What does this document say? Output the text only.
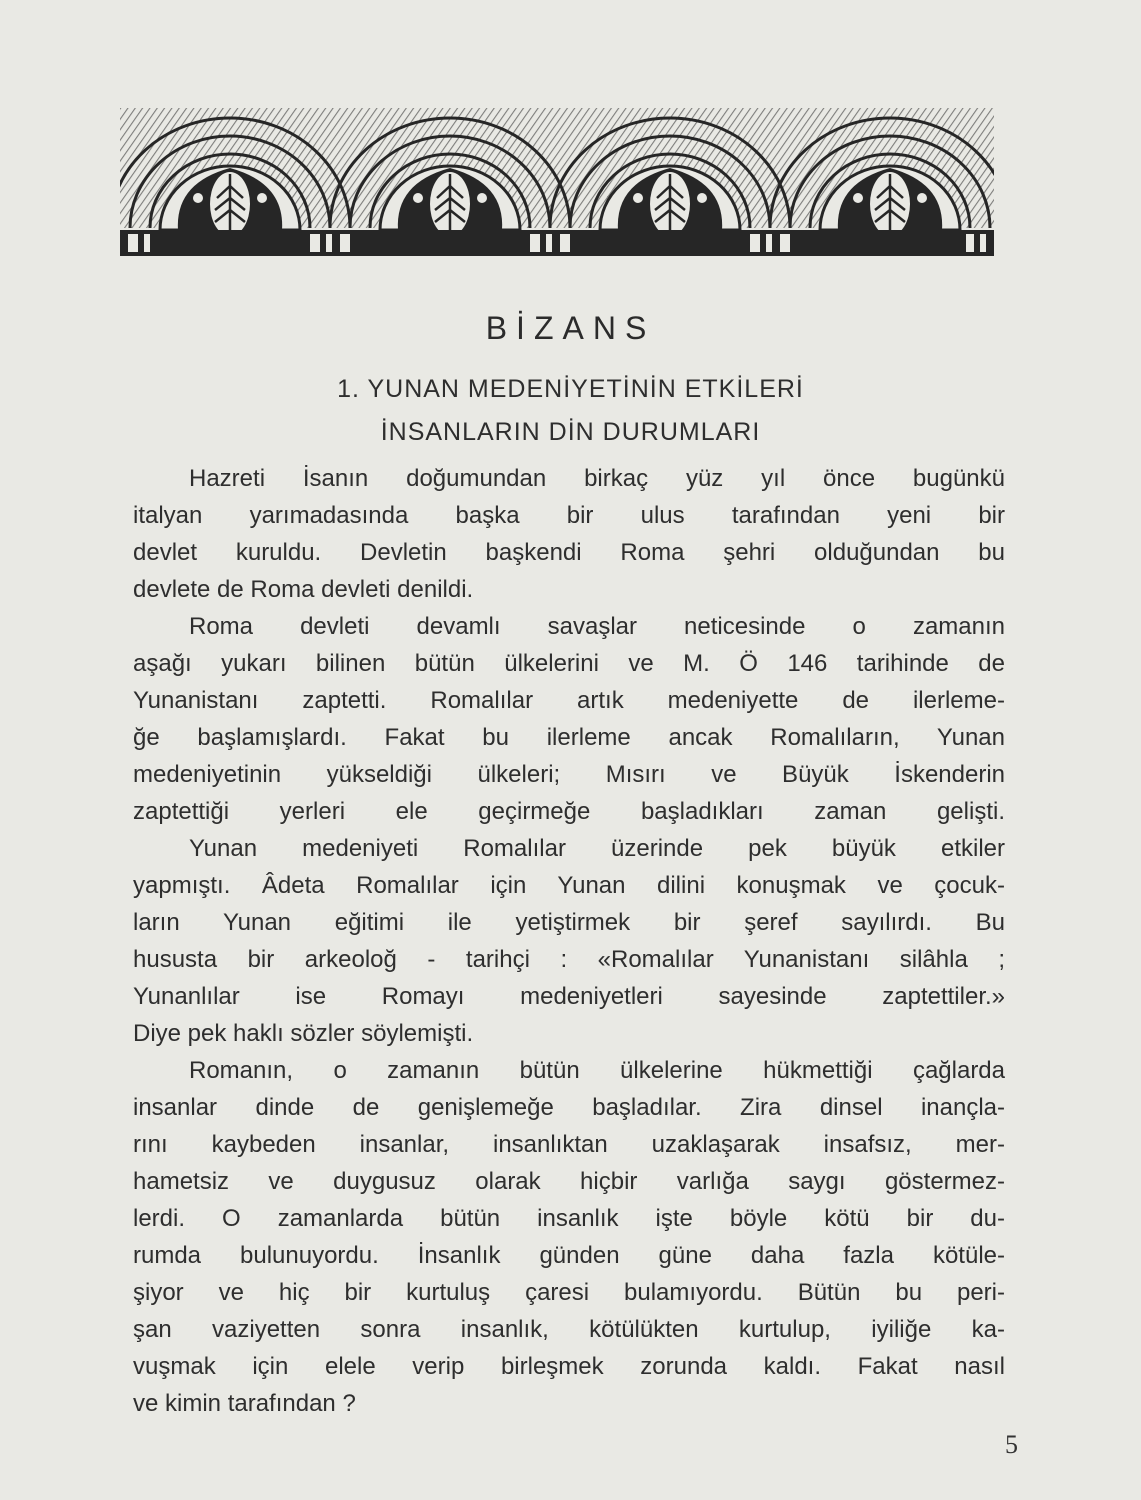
BİZANS
1. YUNAN MEDENİYETİNİN ETKİLERİ
İNSANLARIN DİN DURUMLARI

Hazreti İsanın doğumundan birkaç yüz yıl önce bugünkü

italyan yarımadasında başka bir ulus tarafından yeni bir

devlet kuruldu. Devletin başkendi Roma şehri olduğundan bu

devlete de Roma devleti denildi.

Roma devleti devamlı savaşlar neticesinde o zamanın

aşağı yukarı bilinen bütün ülkelerini ve M. Ö 146 tarihinde de

Yunanistanı zaptetti. Romalılar artık medeniyette de ilerleme-

ğe başlamışlardı. Fakat bu ilerleme ancak Romalıların, Yunan

medeniyetinin yükseldiği ülkeleri; Mısırı ve Büyük İskenderin

zaptettiği yerleri ele geçirmeğe başladıkları zaman gelişti.

Yunan medeniyeti Romalılar üzerinde pek büyük etkiler

yapmıştı. Âdeta Romalılar için Yunan dilini konuşmak ve çocuk-

ların Yunan eğitimi ile yetiştirmek bir şeref sayılırdı. Bu

hususta bir arkeoloğ - tarihçi : «Romalılar Yunanistanı silâhla ;

Yunanlılar ise Romayı medeniyetleri sayesinde zaptettiler.»

Diye pek haklı sözler söylemişti.

Romanın, o zamanın bütün ülkelerine hükmettiği çağlarda

insanlar dinde de genişlemeğe başladılar. Zira dinsel inançla-

rını kaybeden insanlar, insanlıktan uzaklaşarak insafsız, mer-

hametsiz ve duygusuz olarak hiçbir varlığa saygı göstermez-

lerdi. O zamanlarda bütün insanlık işte böyle kötü bir du-

rumda bulunuyordu. İnsanlık günden güne daha fazla kötüle-

şiyor ve hiç bir kurtuluş çaresi bulamıyordu. Bütün bu peri-

şan vaziyetten sonra insanlık, kötülükten kurtulup, iyiliğe ka-

vuşmak için elele verip birleşmek zorunda kaldı. Fakat nasıl

ve kimin tarafından ?

5
